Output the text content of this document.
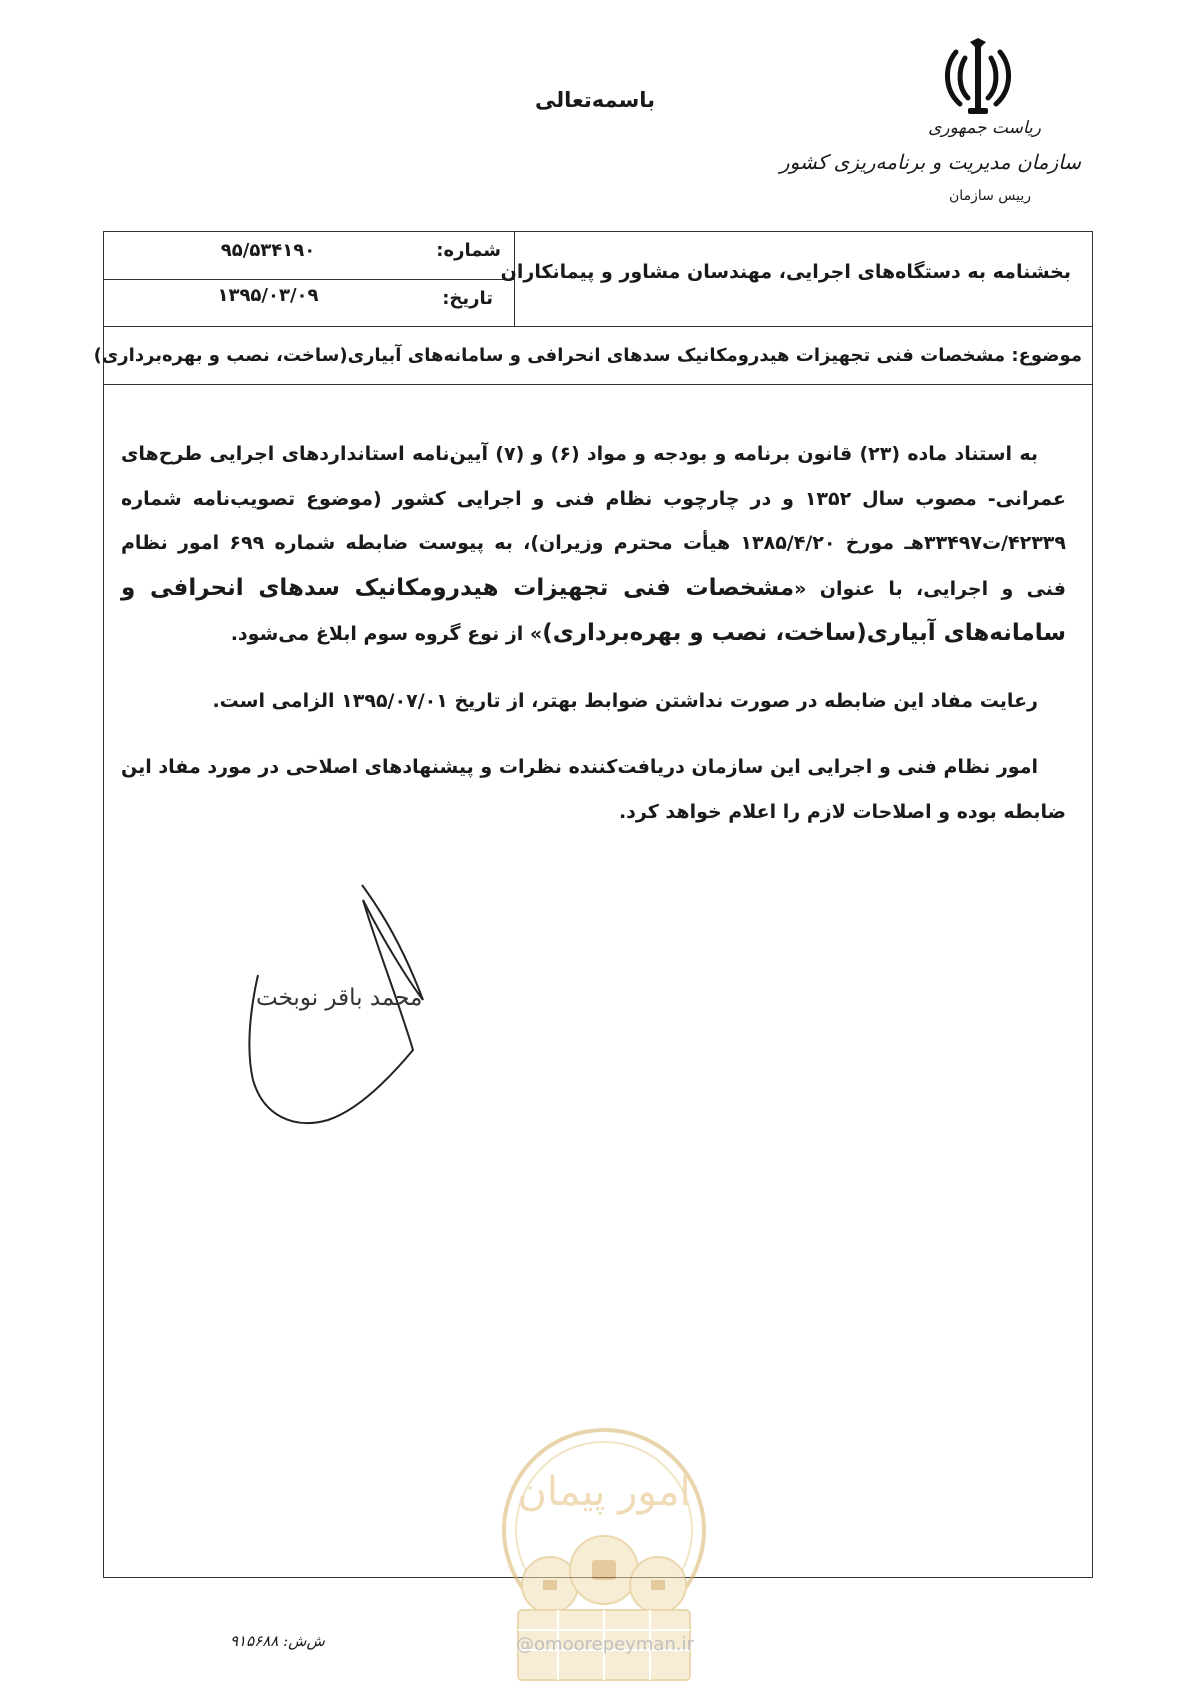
باسمه‌تعالی
ریاست جمهوری
سازمان مدیریت و برنامه‌ریزی کشور
رییس سازمان
شماره:
۹۵/۵۳۴۱۹۰
تاریخ:
۱۳۹۵/۰۳/۰۹
بخشنامه به دستگاه‌های اجرایی، مهندسان مشاور و پیمانکاران
موضوع: مشخصات فنی تجهیزات هیدرومکانیک سدهای انحرافی و سامانه‌های آبیاری(ساخت، نصب و بهره‌برداری)

به استناد ماده (۲۳) قانون برنامه و بودجه و مواد (۶) و (۷) آیین‌نامه استانداردهای اجرایی طرح‌های عمرانی- مصوب سال ۱۳۵۲ و در چارچوب نظام فنی و اجرایی کشور (موضوع تصویب‌نامه شماره ۴۲۳۳۹/ت۳۳۴۹۷هـ مورخ ۱۳۸۵/۴/۲۰ هیأت محترم وزیران)، به پیوست ضابطه شماره ۶۹۹ امور نظام فنی و اجرایی، با عنوان «مشخصات فنی تجهیزات هیدرومکانیک سدهای انحرافی و سامانه‌های آبیاری(ساخت، نصب و بهره‌برداری)» از نوع گروه سوم ابلاغ می‌شود.

رعایت مفاد این ضابطه در صورت نداشتن ضوابط بهتر، از تاریخ ۱۳۹۵/۰۷/۰۱ الزامی است.

امور نظام فنی و اجرایی این سازمان دریافت‌کننده نظرات و پیشنهادهای اصلاحی در مورد مفاد این ضابطه بوده و اصلاحات لازم را اعلام خواهد کرد.

محمد باقر نوبخت
امور پیمان
@omoorepeyman.ir
ش‌ش: ۹۱۵۶۸۸
